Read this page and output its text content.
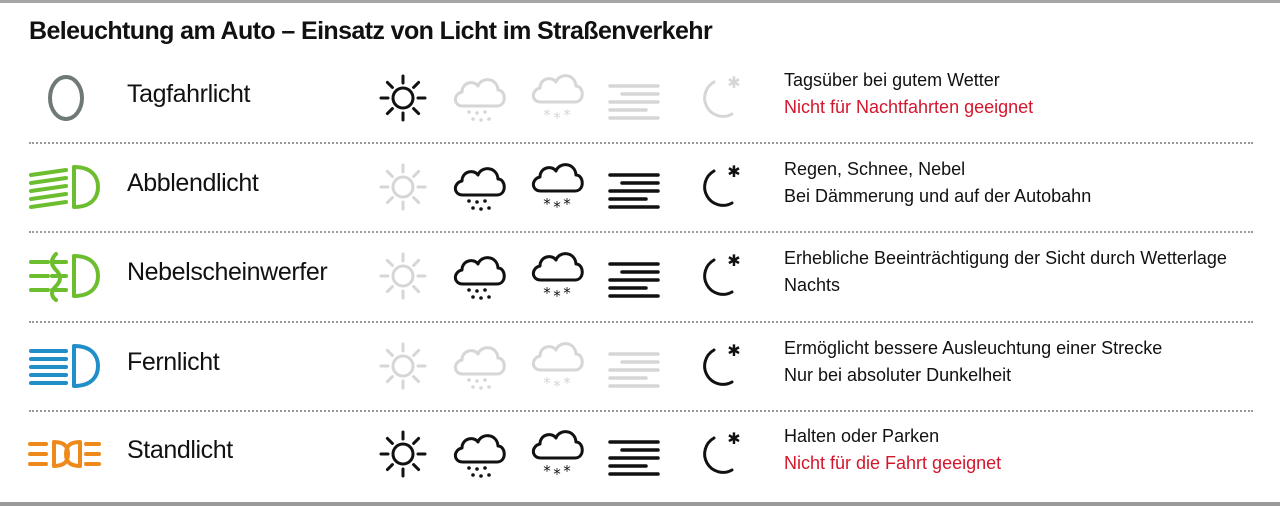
Beleuchtung am Auto – Einsatz von Licht im Straßenverkehr
Tagfahrlicht
* * *
✱ Tagsüber bei gutem Wetter
Nicht für Nachtfahrten geeignet
Abblendlicht
* * *
✱ Regen, Schnee, Nebel
Bei Dämmerung und auf der Autobahn
Nebelscheinwerfer
* * *
✱ Erhebliche Beeinträchtigung der Sicht durch Wetterlage
Nachts
Fernlicht
* * *
✱ Ermöglicht bessere Ausleuchtung einer Strecke
Nur bei absoluter Dunkelheit
Standlicht
* * *
✱ Halten oder Parken
Nicht für die Fahrt geeignet
